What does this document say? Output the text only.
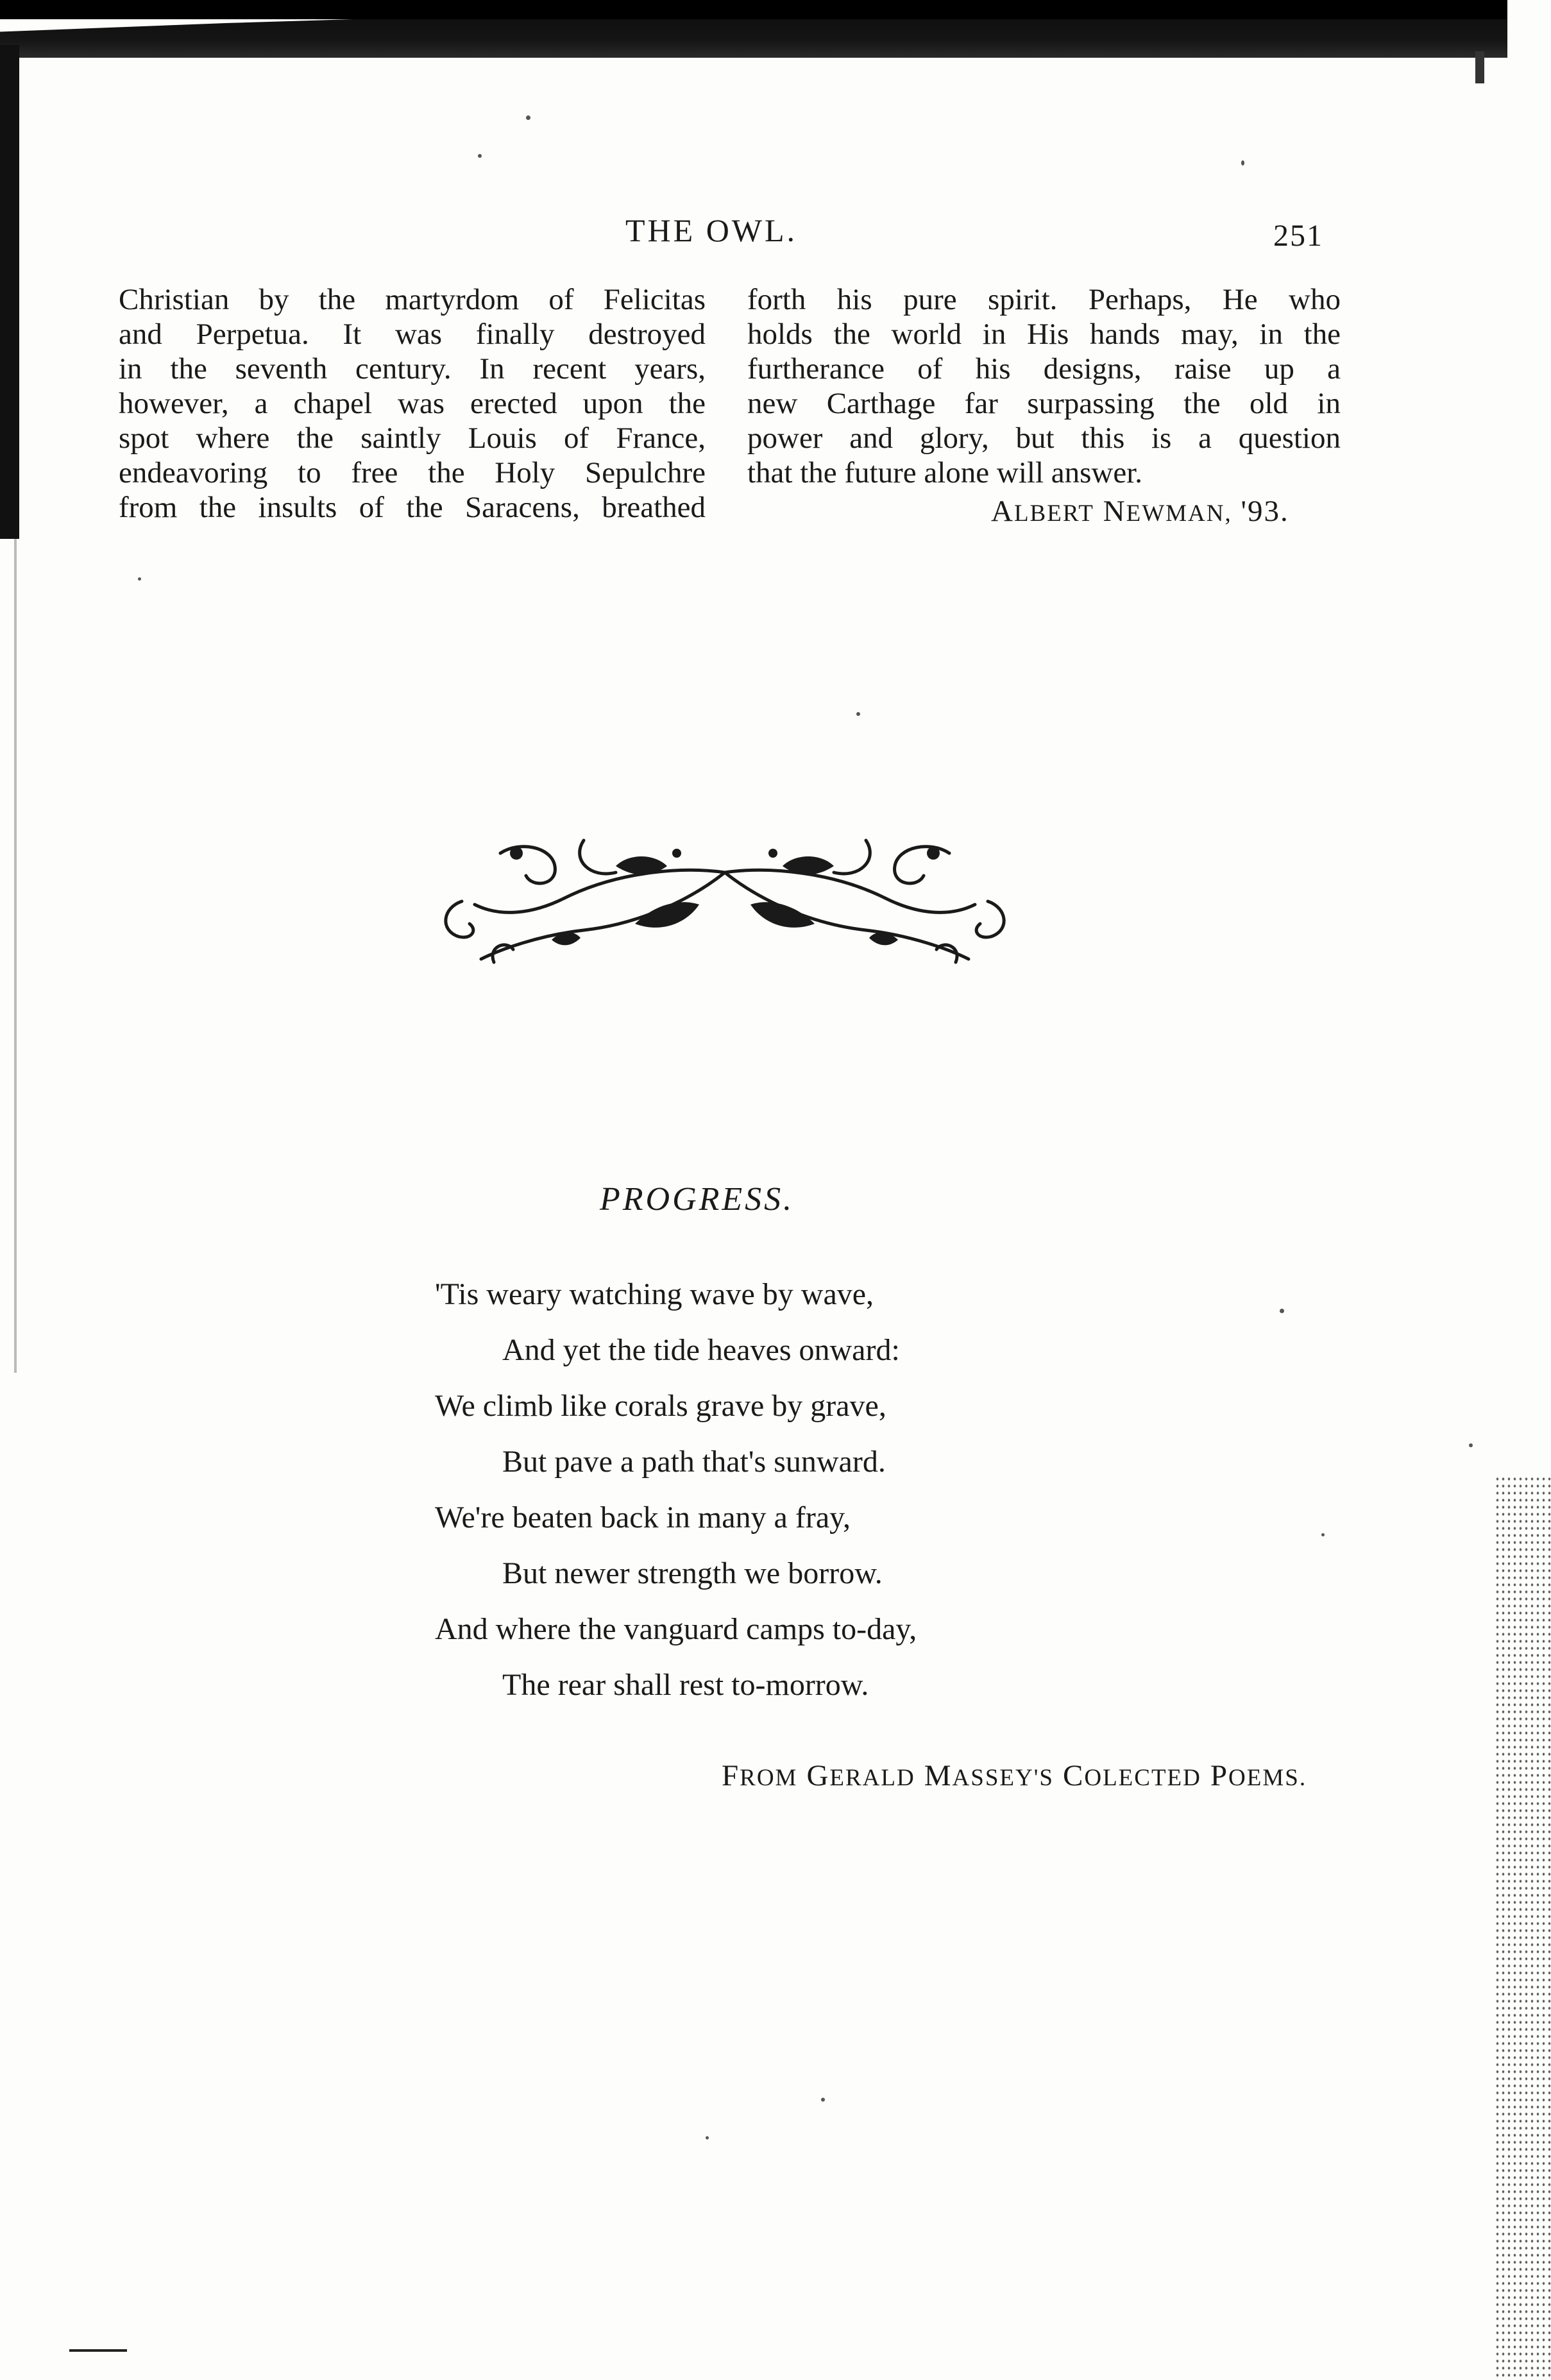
THE OWL.	251
Christian by the martyrdom of Felicitas
and Perpetua. It was finally destroyed
in the seventh century. In recent years,
however, a chapel was erected upon the
spot where the saintly Louis of France,
endeavoring to free the Holy Sepulchre
from the insults of the Saracens, breathed
forth his pure spirit. Perhaps, He who
holds the world in His hands may, in the
furtherance of his designs, raise up a
new Carthage far surpassing the old in
power and glory, but this is a question
that the future alone will answer.
ALBERT NEWMAN, '93.
PROGRESS.
'Tis weary watching wave by wave,
And yet the tide heaves onward:
We climb like corals grave by grave,
But pave a path that's sunward.
We're beaten back in many a fray,
But newer strength we borrow.
And where the vanguard camps to-day,
The rear shall rest to-morrow.
FROM GERALD MASSEY'S COLECTED POEMS.
